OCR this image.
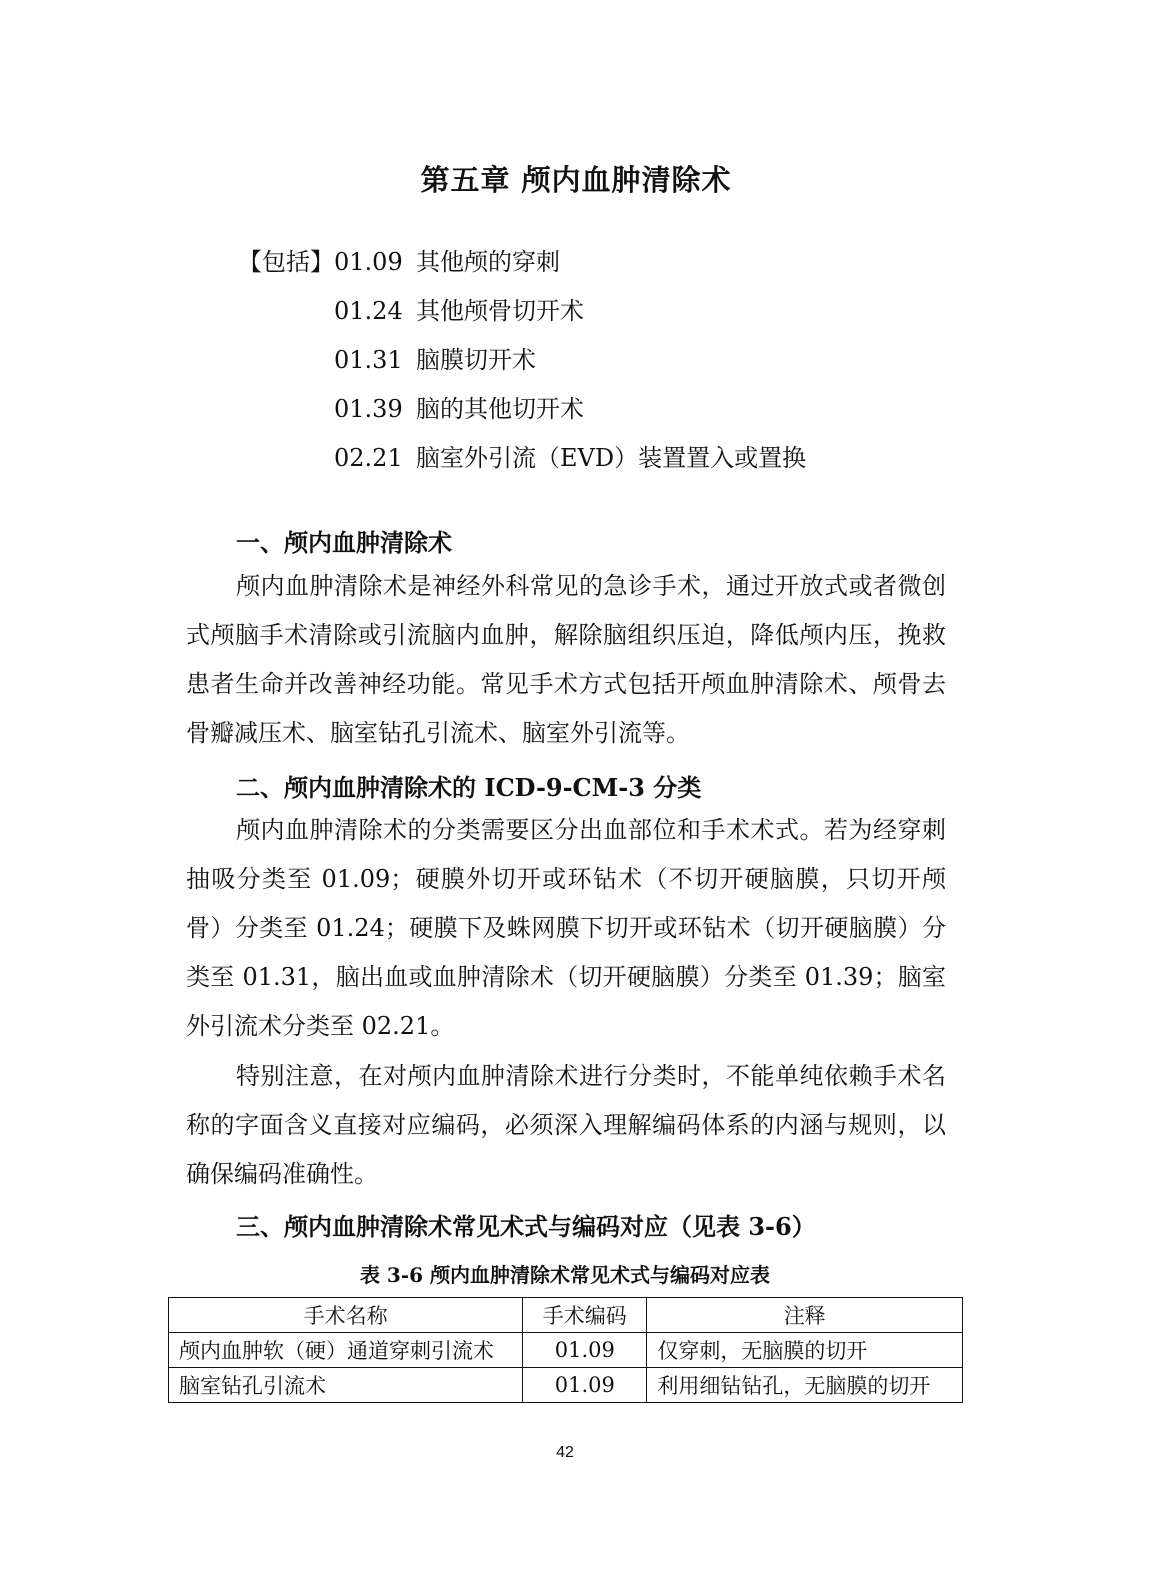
第五章 颅内血肿清除术
【包括】 01.09 其他颅的穿刺
01.24 其他颅骨切开术
01.31 脑膜切开术
01.39 脑的其他切开术
02.21 脑室外引流（EVD）装置置入或置换
一、颅内血肿清除术
颅内血肿清除术是神经外科常见的急诊手术，通过开放式或者微创式颅脑手术清除或引流脑内血肿，解除脑组织压迫，降低颅内压，挽救患者生命并改善神经功能。常见手术方式包括开颅血肿清除术、颅骨去骨瓣减压术、脑室钻孔引流术、脑室外引流等。
二、颅内血肿清除术的 ICD-9-CM-3 分类
颅内血肿清除术的分类需要区分出血部位和手术术式。若为经穿刺抽吸分类至 01.09；硬膜外切开或环钻术（不切开硬脑膜，只切开颅骨）分类至 01.24；硬膜下及蛛网膜下切开或环钻术（切开硬脑膜）分类至 01.31，脑出血或血肿清除术（切开硬脑膜）分类至 01.39；脑室外引流术分类至 02.21。
特别注意，在对颅内血肿清除术进行分类时，不能单纯依赖手术名称的字面含义直接对应编码，必须深入理解编码体系的内涵与规则，以确保编码准确性。
三、颅内血肿清除术常见术式与编码对应（见表 3-6）
表 3-6 颅内血肿清除术常见术式与编码对应表
手术名称	手术编码	注释
颅内血肿软（硬）通道穿刺引流术	01.09	仅穿刺，无脑膜的切开
脑室钻孔引流术	01.09	利用细钻钻孔，无脑膜的切开
42
